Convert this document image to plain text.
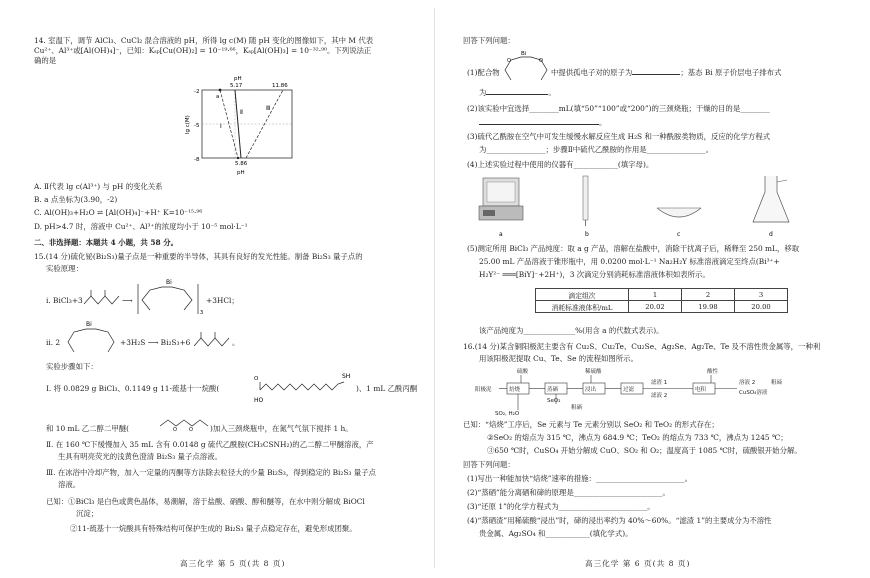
14. 室温下，调节 AlCl₃、CuCl₂ 混合溶液的 pH，所得 lg c(M) 随 pH 变化的图像如下，其中 M 代表
Cu²⁺、Al³⁺或[Al(OH)₄]⁻，已知：Kₛₚ[Cu(OH)₂] = 10⁻¹⁹·⁶⁶，Kₛₚ[Al(OH)₃] = 10⁻³²·⁹⁰。下列说法正
确的是
-2
-5
-8
5.17	11.86
pH
5.86
pH
a
Ⅰ
Ⅱ
Ⅲ
lg c(M)
A. Ⅱ代表 lg c(Al³⁺) 与 pH 的变化关系
B. a 点坐标为(3.90，-2)
C. Al(OH)₃+H₂O ⇌ [Al(OH)₄]⁻+H⁺ K=10⁻¹⁵·⁹⁶
D. pH>4.7 时，溶液中 Cu²⁺、Al³⁺的浓度均小于 10⁻⁵ mol·L⁻¹
二、非选择题：本题共 4 小题，共 58 分。
15.(14 分)硫化铋(Bi₂S₃)量子点是一种重要的半导体，其具有良好的发光性能。制备 Bi₂S₃ 量子点的
实验原理：
i. BiCl₃+3	⟶
Bi
3
+3HCl；
ii. 2
Bi
+3H₂S ⟶ Bi₂S₃+6	。
实验步骤如下：
Ⅰ. 将 0.0829 g BiCl₃、0.1149 g 11-巯基十一烷酸(
SH
O
HO
)、1 mL 乙酰丙酮
和 10 mL 乙二醇二甲醚(	O O )加入三颈烧瓶中，在氮气气氛下搅拌 1 h。
Ⅱ. 在 160 ℃下缓慢加入 35 mL 含有 0.0148 g 硫代乙酰胺(CH₃CSNH₂)的乙二醇二甲醚溶液，产
生具有明亮荧光的浅黄色澄清 Bi₂S₃ 量子点溶液。
Ⅲ. 在冰浴中冷却产物，加入一定量的丙酮等方法除去粒径大的少量 Bi₂S₃，得到稳定的 Bi₂S₃ 量子点
溶液。
已知：①BiCl₃ 是白色或黄色晶体，易潮解，溶于盐酸、硝酸、醇和醚等，在水中则分解成 BiOCl
沉淀；
②11-巯基十一烷酸具有特殊结构可保护生成的 Bi₂S₃ 量子点稳定存在，避免形成团聚。
高三化学 第 5 页(共 8 页)
回答下列问题：
(1)配合物
Bi
O	O
中提供孤电子对的原子为	；基态 Bi 原子价层电子排布式
为	。
(2)该实验中宜选择________mL(填“50”“100”或“200”)的三颈烧瓶；干燥的目的是________
。
(3)硫代乙酰胺在空气中可发生缓慢水解反应生成 H₂S 和一种酰胺类物质，反应的化学方程式
为________________；步骤Ⅱ中硫代乙酰胺的作用是________________。
(4)上述实验过程中使用的仪器有____________(填字母)。
a	b	c	d
(5)测定所用 BiCl₃ 产品纯度：取 a g 产品，溶解在盐酸中，消除干扰离子后，稀释至 250 mL，移取
25.00 mL 产品溶液于锥形瓶中，用 0.0200 mol·L⁻¹ Na₂H₂Y 标准溶液滴定至终点(Bi³⁺+
H₂Y²⁻ ═══[BiY]⁻+2H⁺)，3 次滴定分别消耗标准溶液体积如表所示。
滴定组次	1	2	3
消耗标准液体积/mL	20.02	19.98	20.00
该产品纯度为______________%(用含 a 的代数式表示)。
16.(14 分)某含铜阳极泥主要含有 Cu₂S、Cu₂Te、Cu₂Se、Ag₂Se、Ag₂Te、Te 及不溶性贵金属等，一种利
用该阳极泥提取 Cu、Te、Se 的流程如图所示。
硫酸	稀硫酸	酸性
阳极泥	焙烧	蒸硒	浸出	过滤
滤渣 1
电积
滤液 2
溶液 2
SeO₂
粗硒
粗碲
CuSO₄溶液
SO₂, H₂O
已知：“焙烧”工序后，Se 元素与 Te 元素分别以 SeO₂ 和 TeO₂ 的形式存在；
②SeO₂ 的熔点为 315 ℃，沸点为 684.9 ℃；TeO₂ 的熔点为 733 ℃，沸点为 1245 ℃；
③650 ℃时，CuSO₄ 开始分解成 CuO、SO₂ 和 O₂；温度高于 1085 ℃时，硫酸银开始分解。
回答下列问题：
(1)写出一种能加快“焙烧”速率的措施：________________________。
(2)“蒸硒”能分离硒和碲的原理是________________________。
(3)“还原 1”的化学方程式为________________________。
(4)“蒸硒渣”用稀硫酸“浸出”时，碲的浸出率约为 40%～60%。“滤渣 1”的主要成分为不溶性
贵金属、Ag₂SO₄ 和____________(填化学式)。
高三化学 第 6 页(共 8 页)
